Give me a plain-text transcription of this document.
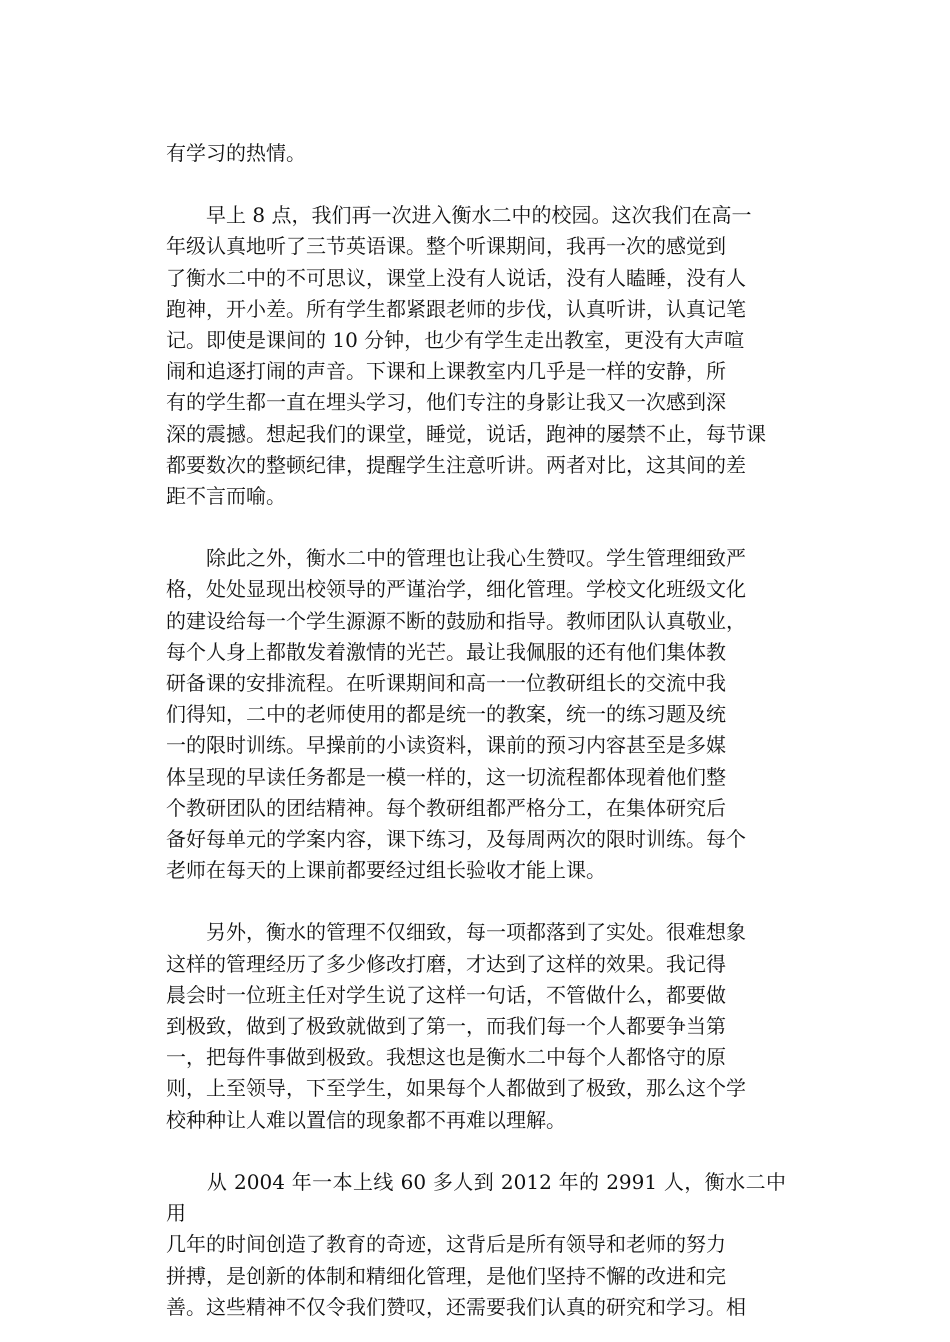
有学习的热情。

　　早上 8 点，我们再一次进入衡水二中的校园。这次我们在高一
年级认真地听了三节英语课。整个听课期间，我再一次的感觉到
了衡水二中的不可思议，课堂上没有人说话，没有人瞌睡，没有人
跑神，开小差。所有学生都紧跟老师的步伐，认真听讲，认真记笔
记。即使是课间的 10 分钟，也少有学生走出教室，更没有大声喧
闹和追逐打闹的声音。下课和上课教室内几乎是一样的安静，所
有的学生都一直在埋头学习，他们专注的身影让我又一次感到深
深的震撼。想起我们的课堂，睡觉，说话，跑神的屡禁不止，每节课
都要数次的整顿纪律，提醒学生注意听讲。两者对比，这其间的差
距不言而喻。

　　除此之外，衡水二中的管理也让我心生赞叹。学生管理细致严
格，处处显现出校领导的严谨治学，细化管理。学校文化班级文化
的建设给每一个学生源源不断的鼓励和指导。教师团队认真敬业，
每个人身上都散发着激情的光芒。最让我佩服的还有他们集体教
研备课的安排流程。在听课期间和高一一位教研组长的交流中我
们得知，二中的老师使用的都是统一的教案，统一的练习题及统
一的限时训练。早操前的小读资料，课前的预习内容甚至是多媒
体呈现的早读任务都是一模一样的，这一切流程都体现着他们整
个教研团队的团结精神。每个教研组都严格分工，在集体研究后
备好每单元的学案内容，课下练习，及每周两次的限时训练。每个
老师在每天的上课前都要经过组长验收才能上课。

　　另外，衡水的管理不仅细致，每一项都落到了实处。很难想象
这样的管理经历了多少修改打磨，才达到了这样的效果。我记得
晨会时一位班主任对学生说了这样一句话，不管做什么，都要做
到极致，做到了极致就做到了第一，而我们每一个人都要争当第
一，把每件事做到极致。我想这也是衡水二中每个人都恪守的原
则，上至领导，下至学生，如果每个人都做到了极致，那么这个学
校种种让人难以置信的现象都不再难以理解。

　　从 2004 年一本上线 60 多人到 2012 年的 2991 人，衡水二中用
几年的时间创造了教育的奇迹，这背后是所有领导和老师的努力
拼搏，是创新的体制和精细化管理，是他们坚持不懈的改进和完
善。这些精神不仅令我们赞叹，还需要我们认真的研究和学习。相
